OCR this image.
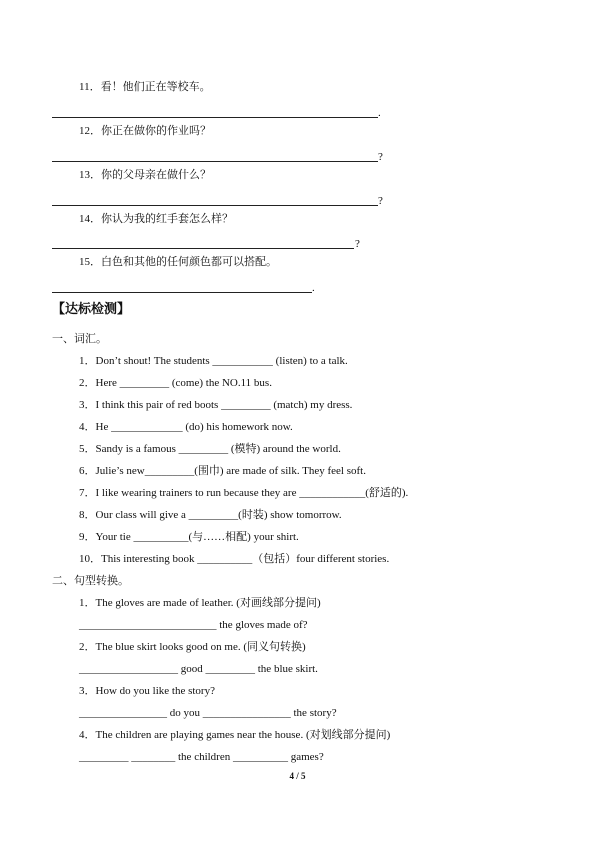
11．看！他们正在等校车。
.
12．你正在做你的作业吗？
?
13．你的父母亲在做什么？
?
14．你认为我的红手套怎么样？
?
15．白色和其他的任何颜色都可以搭配。
.
【达标检测】
一、词汇。
1．Don’t shout! The students ___________ (listen) to a talk.
2．Here _________ (come) the NO.11 bus.
3．I think this pair of red boots _________ (match) my dress.
4．He _____________ (do) his homework now.
5．Sandy is a famous _________ (模特) around the world.
6．Julie’s new_________(围巾) are made of silk. They feel soft.
7．I like wearing trainers to run because they are ____________(舒适的).
8．Our class will give a _________(时装) show tomorrow.
9．Your tie __________(与……相配) your shirt.
10．This interesting book __________（包括）four different stories.
二、句型转换。
1．The gloves are made of leather. (对画线部分提问)
_________________________ the gloves made of?
2．The blue skirt looks good on me. (同义句转换)
__________________ good _________ the blue skirt.
3．How do you like the story?
________________ do you ________________ the story?
4．The children are playing games near the house. (对划线部分提问)
_________ ________ the children __________ games?
4 / 5
